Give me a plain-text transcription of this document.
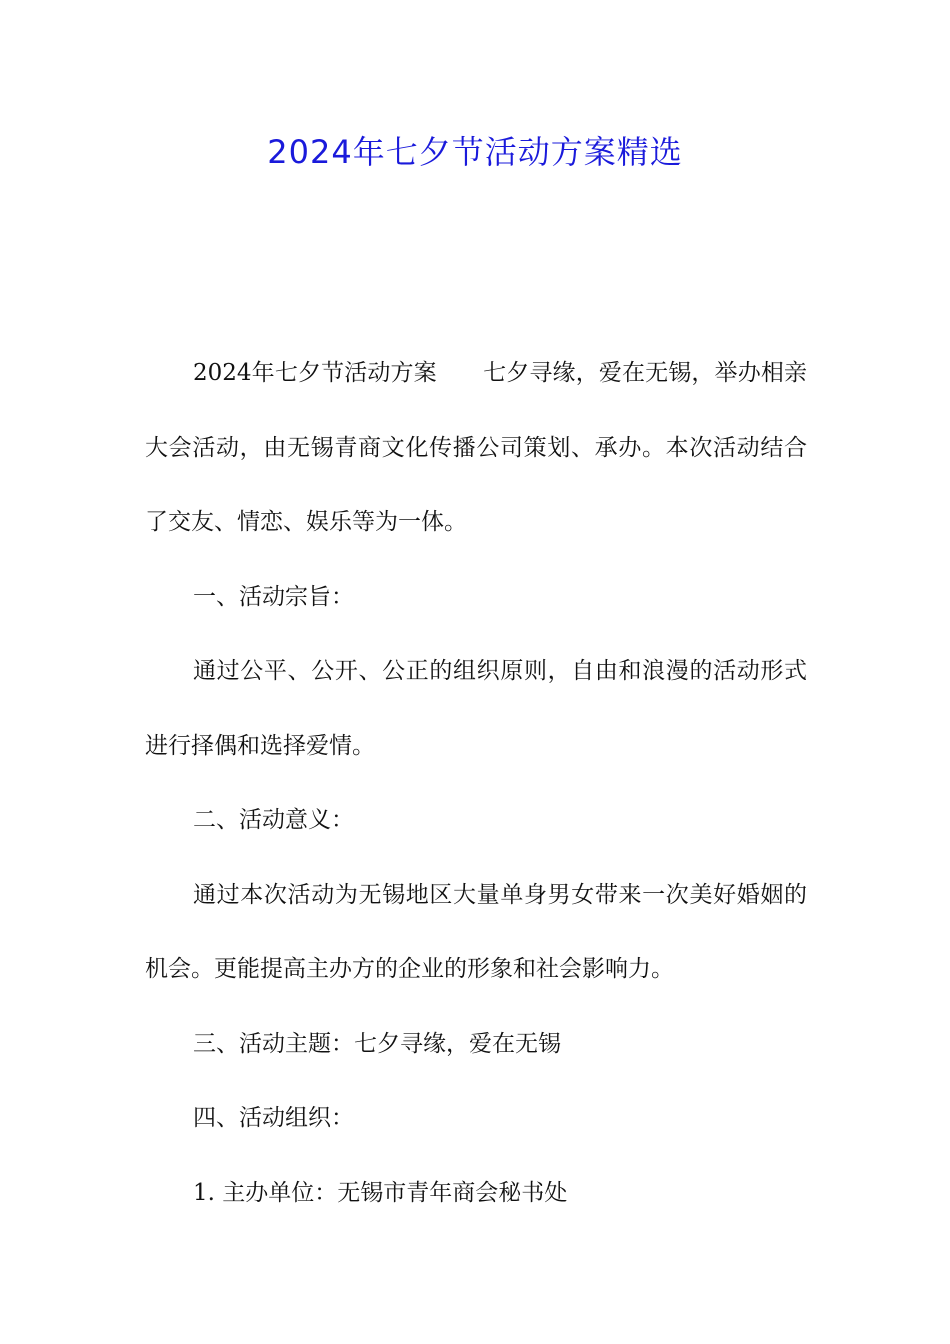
2024年七夕节活动方案精选

2024年七夕节活动方案　　七夕寻缘，爱在无锡，举办相亲大会活动，由无锡青商文化传播公司策划、承办。本次活动结合了交友、情恋、娱乐等为一体。

一、活动宗旨：

通过公平、公开、公正的组织原则，自由和浪漫的活动形式进行择偶和选择爱情。

二、活动意义：

通过本次活动为无锡地区大量单身男女带来一次美好婚姻的机会。更能提高主办方的企业的形象和社会影响力。

三、活动主题：七夕寻缘，爱在无锡

四、活动组织：

1. 主办单位：无锡市青年商会秘书处
